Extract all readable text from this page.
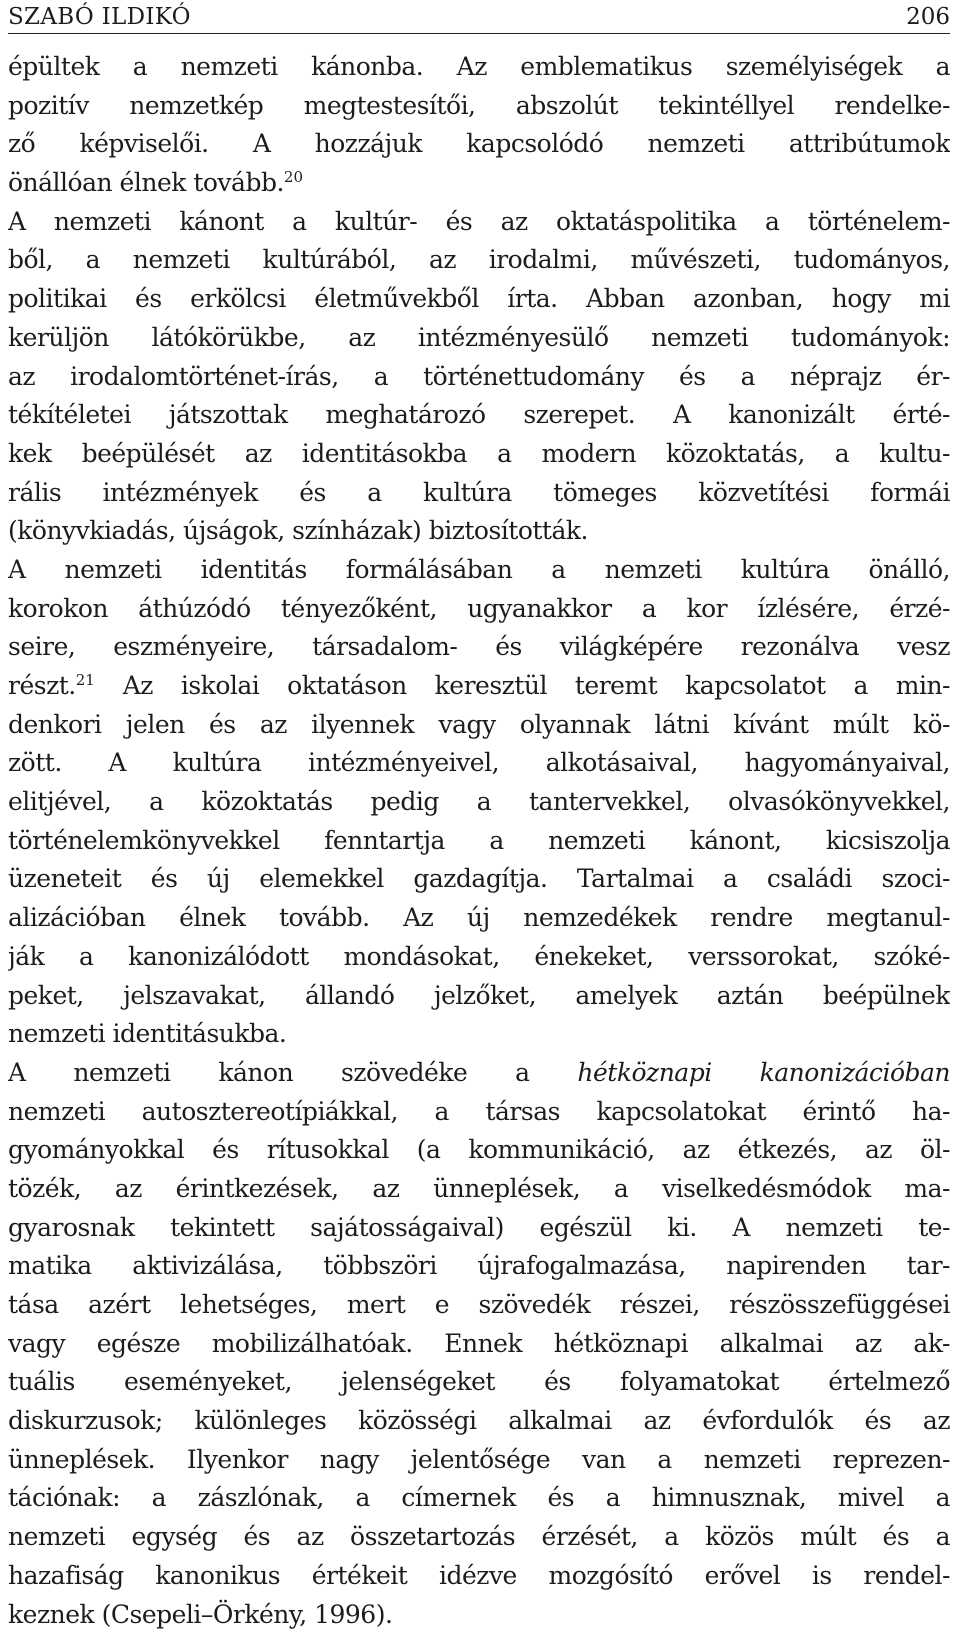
SZABÓ ILDIKÓ	206
épültek a nemzeti kánonba. Az emblematikus személyiségek a
pozitív nemzetkép megtestesítői, abszolút tekintéllyel rendelke-
ző képviselői. A hozzájuk kapcsolódó nemzeti attribútumok
önállóan élnek tovább.$^{20}$
A nemzeti kánont a kultúr- és az oktatáspolitika a történelem-
ből, a nemzeti kultúrából, az irodalmi, művészeti, tudományos,
politikai és erkölcsi életművekből írta. Abban azonban, hogy mi
kerüljön látókörükbe, az intézményesülő nemzeti tudományok:
az irodalomtörténet-írás, a történettudomány és a néprajz ér-
tékítéletei játszottak meghatározó szerepet. A kanonizált érté-
kek beépülését az identitásokba a modern közoktatás, a kultu-
rális intézmények és a kultúra tömeges közvetítési formái
(könyvkiadás, újságok, színházak) biztosították.
A nemzeti identitás formálásában a nemzeti kultúra önálló,
korokon áthúzódó tényezőként, ugyanakkor a kor ízlésére, érzé-
seire, eszményeire, társadalom- és világképére rezonálva vesz
részt.$^{21}$ Az iskolai oktatáson keresztül teremt kapcsolatot a min-
denkori jelen és az ilyennek vagy olyannak látni kívánt múlt kö-
zött. A kultúra intézményeivel, alkotásaival, hagyományaival,
elitjével, a közoktatás pedig a tantervekkel, olvasókönyvekkel,
történelemkönyvekkel fenntartja a nemzeti kánont, kicsiszolja
üzeneteit és új elemekkel gazdagítja. Tartalmai a családi szoci-
alizációban élnek tovább. Az új nemzedékek rendre megtanul-
ják a kanonizálódott mondásokat, énekeket, verssorokat, szóké-
peket, jelszavakat, állandó jelzőket, amelyek aztán beépülnek
nemzeti identitásukba.
A nemzeti kánon szövedéke a hétköznapi kanonizációban
nemzeti autosztereotípiákkal, a társas kapcsolatokat érintő ha-
gyományokkal és rítusokkal (a kommunikáció, az étkezés, az öl-
tözék, az érintkezések, az ünneplések, a viselkedésmódok ma-
gyarosnak tekintett sajátosságaival) egészül ki. A nemzeti te-
matika aktivizálása, többszöri újrafogalmazása, napirenden tar-
tása azért lehetséges, mert e szövedék részei, részösszefüggései
vagy egésze mobilizálhatóak. Ennek hétköznapi alkalmai az ak-
tuális eseményeket, jelenségeket és folyamatokat értelmező
diskurzusok; különleges közösségi alkalmai az évfordulók és az
ünneplések. Ilyenkor nagy jelentősége van a nemzeti reprezen-
tációnak: a zászlónak, a címernek és a himnusznak, mivel a
nemzeti egység és az összetartozás érzését, a közös múlt és a
hazafiság kanonikus értékeit idézve mozgósító erővel is rendel-
keznek (Csepeli–Örkény, 1996).
